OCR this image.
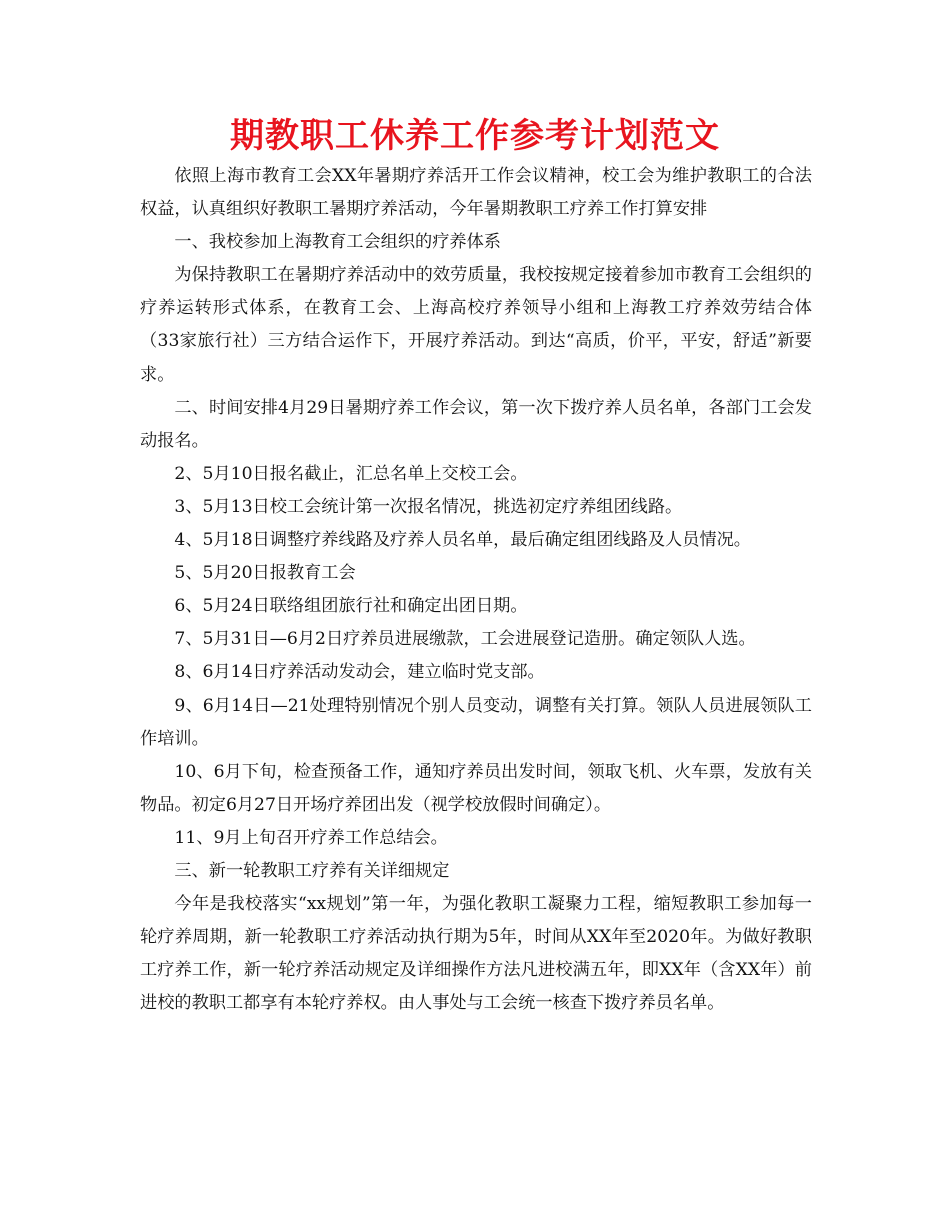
期教职工休养工作参考计划范文

依照上海市教育工会XX年暑期疗养活开工作会议精神，校工会为维护教职工的合法权益，认真组织好教职工暑期疗养活动，今年暑期教职工疗养工作打算安排

一、我校参加上海教育工会组织的疗养体系

为保持教职工在暑期疗养活动中的效劳质量，我校按规定接着参加市教育工会组织的疗养运转形式体系，在教育工会、上海高校疗养领导小组和上海教工疗养效劳结合体（33家旅行社）三方结合运作下，开展疗养活动。到达“高质，价平，平安，舒适”新要求。

二、时间安排4月29日暑期疗养工作会议，第一次下拨疗养人员名单，各部门工会发动报名。

2、5月10日报名截止，汇总名单上交校工会。

3、5月13日校工会统计第一次报名情况，挑选初定疗养组团线路。

4、5月18日调整疗养线路及疗养人员名单，最后确定组团线路及人员情况。

5、5月20日报教育工会

6、5月24日联络组团旅行社和确定出团日期。

7、5月31日—6月2日疗养员进展缴款，工会进展登记造册。确定领队人选。

8、6月14日疗养活动发动会，建立临时党支部。

9、6月14日—21处理特别情况个别人员变动，调整有关打算。领队人员进展领队工作培训。

10、6月下旬，检查预备工作，通知疗养员出发时间，领取飞机、火车票，发放有关物品。初定6月27日开场疗养团出发（视学校放假时间确定）。

11、9月上旬召开疗养工作总结会。

三、新一轮教职工疗养有关详细规定

今年是我校落实“xx规划”第一年，为强化教职工凝聚力工程，缩短教职工参加每一轮疗养周期，新一轮教职工疗养活动执行期为5年，时间从XX年至2020年。为做好教职工疗养工作，新一轮疗养活动规定及详细操作方法凡进校满五年，即XX年（含XX年）前进校的教职工都享有本轮疗养权。由人事处与工会统一核查下拨疗养员名单。
